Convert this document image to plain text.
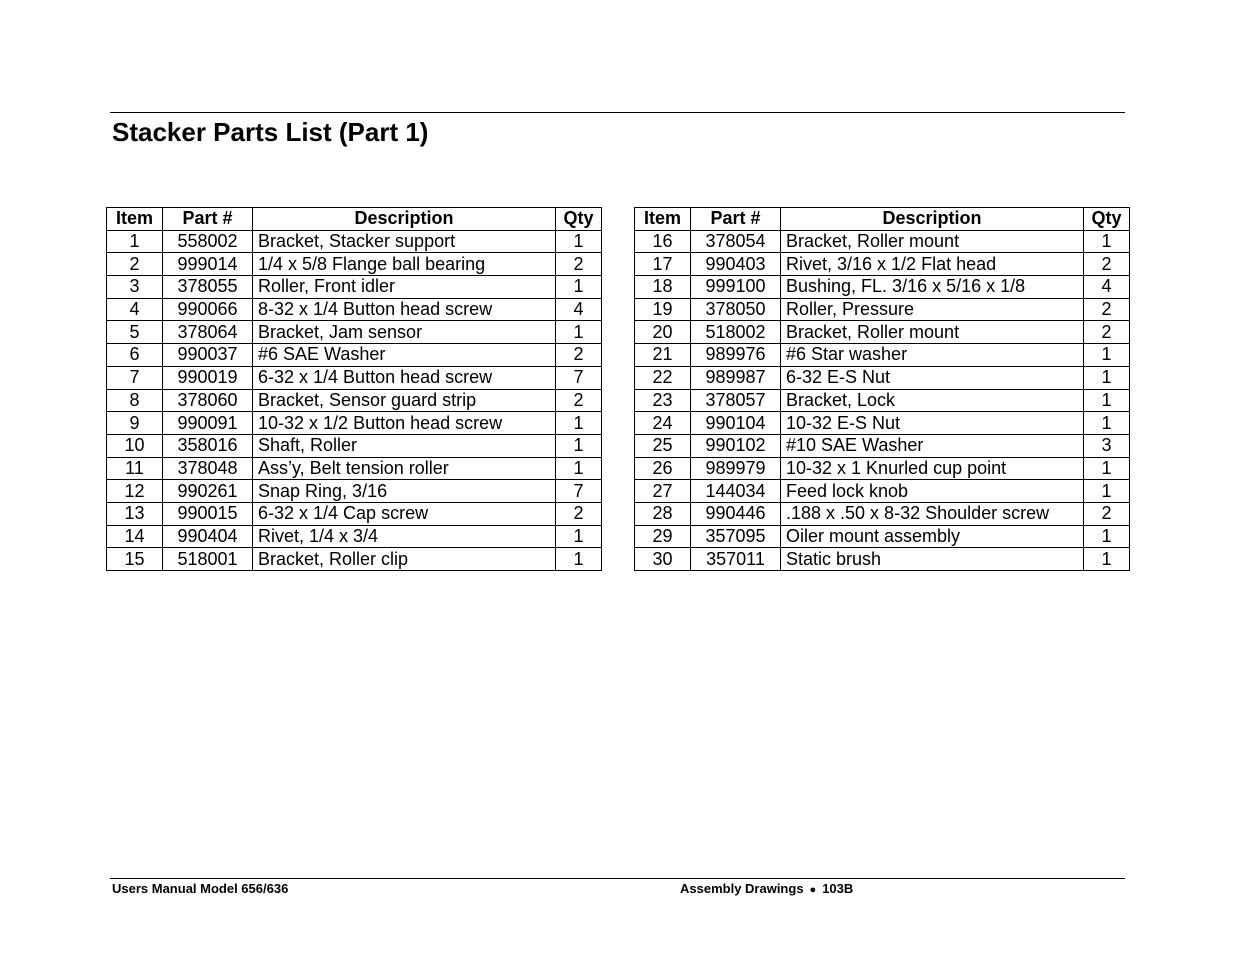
Stacker Parts List (Part 1)
Item	Part #	Description	Qty
1	558002	Bracket, Stacker support	1
2	999014	1/4 x 5/8 Flange ball bearing	2
3	378055	Roller, Front idler	1
4	990066	8-32 x 1/4 Button head screw	4
5	378064	Bracket, Jam sensor	1
6	990037	#6 SAE Washer	2
7	990019	6-32 x 1/4 Button head screw	7
8	378060	Bracket, Sensor guard strip	2
9	990091	10-32 x 1/2 Button head screw	1
10	358016	Shaft, Roller	1
11	378048	Ass’y, Belt tension roller	1
12	990261	Snap Ring, 3/16	7
13	990015	6-32 x 1/4 Cap screw	2
14	990404	Rivet, 1/4 x 3/4	1
15	518001	Bracket, Roller clip	1
Item	Part #	Description	Qty
16	378054	Bracket, Roller mount	1
17	990403	Rivet, 3/16 x 1/2 Flat head	2
18	999100	Bushing, FL. 3/16 x 5/16 x 1/8	4
19	378050	Roller, Pressure	2
20	518002	Bracket, Roller mount	2
21	989976	#6 Star washer	1
22	989987	6-32 E-S Nut	1
23	378057	Bracket, Lock	1
24	990104	10-32 E-S Nut	1
25	990102	#10 SAE Washer	3
26	989979	10-32 x 1 Knurled cup point	1
27	144034	Feed lock knob	1
28	990446	.188 x .50 x 8-32 Shoulder screw	2
29	357095	Oiler mount assembly	1
30	357011	Static brush	1
Users Manual Model 656/636	Assembly Drawings ● 103B
